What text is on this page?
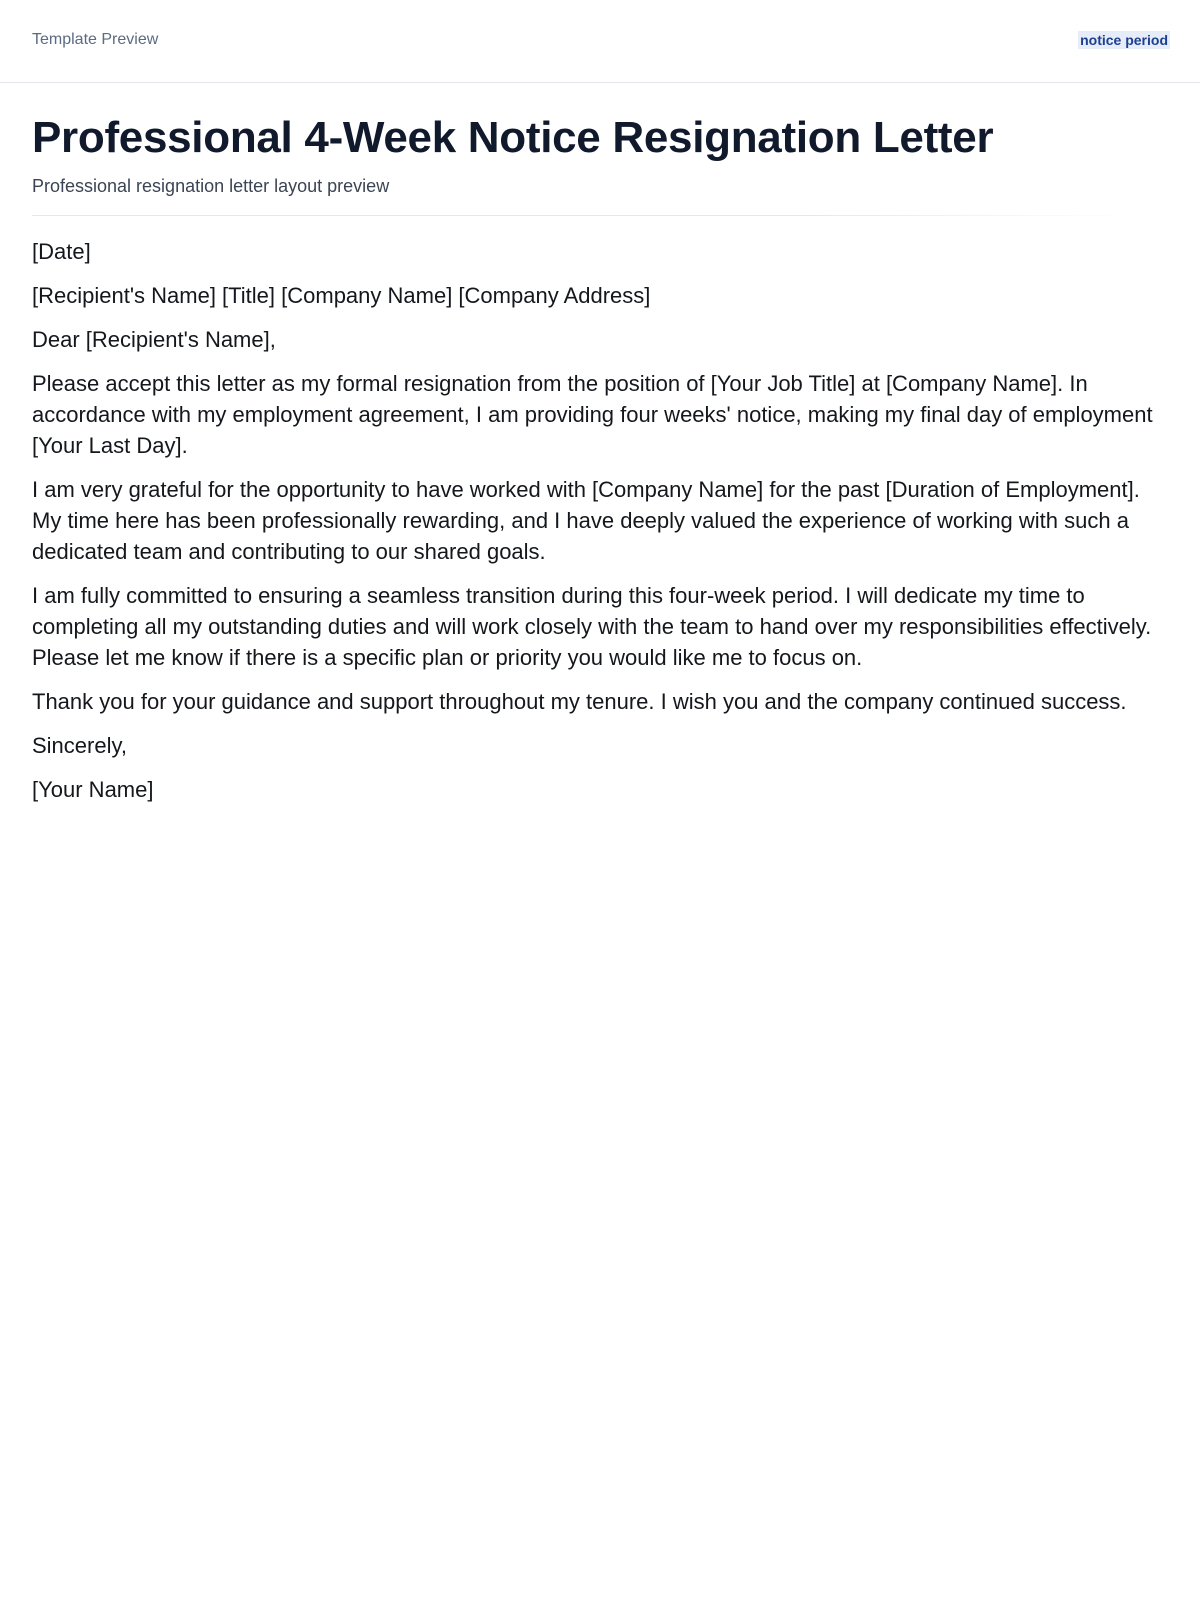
Template Preview	notice period
Professional 4-Week Notice Resignation Letter

Professional resignation letter layout preview

[Date]

[Recipient's Name] [Title] [Company Name] [Company Address]

Dear [Recipient's Name],

Please accept this letter as my formal resignation from the position of [Your Job Title] at [Company Name]. In accordance with my employment agreement, I am providing four weeks' notice, making my final day of employment [Your Last Day].

I am very grateful for the opportunity to have worked with [Company Name] for the past [Duration of Employment]. My time here has been professionally rewarding, and I have deeply valued the experience of working with such a dedicated team and contributing to our shared goals.

I am fully committed to ensuring a seamless transition during this four-week period. I will dedicate my time to completing all my outstanding duties and will work closely with the team to hand over my responsibilities effectively. Please let me know if there is a specific plan or priority you would like me to focus on.

Thank you for your guidance and support throughout my tenure. I wish you and the company continued success.

Sincerely,

[Your Name]
